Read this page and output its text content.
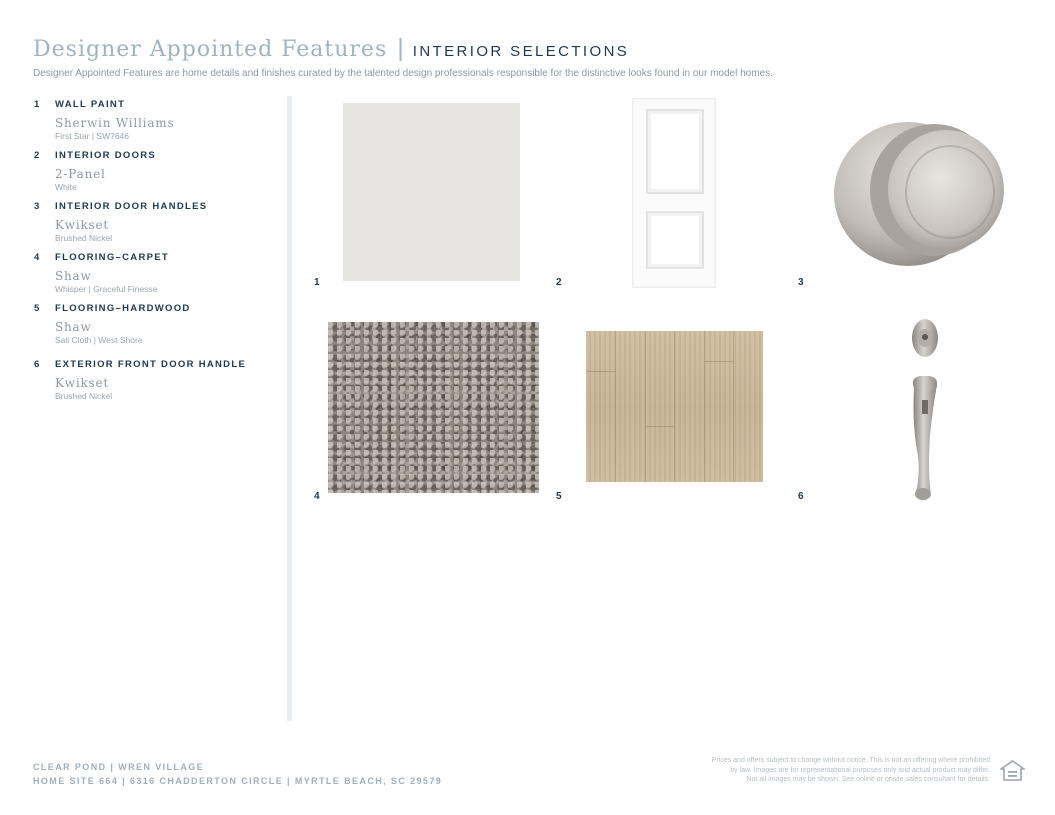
Designer Appointed Features | INTERIOR SELECTIONS
Designer Appointed Features are home details and finishes curated by the talented design professionals responsible for the distinctive looks found in our model homes.
1 WALL PAINT
Sherwin Williams
First Star | SW7646
2 INTERIOR DOORS
2-Panel
White
3 INTERIOR DOOR HANDLES
Kwikset
Brushed Nickel
4 FLOORING–CARPET
Shaw
Whisper | Graceful Finesse
5 FLOORING–HARDWOOD
Shaw
Sail Cloth | West Shore
6 EXTERIOR FRONT DOOR HANDLE
Kwikset
Brushed Nickel
1	2	3
4	5	6
CLEAR POND | WREN VILLAGE
HOME SITE 664 | 6316 CHADDERTON CIRCLE | MYRTLE BEACH, SC 29579
Prices and offers subject to change without notice. This is not an offering where prohibited
by law. Images are for representational purposes only and actual product may differ.
Not all images may be shown. See online or onsite sales consultant for details.
